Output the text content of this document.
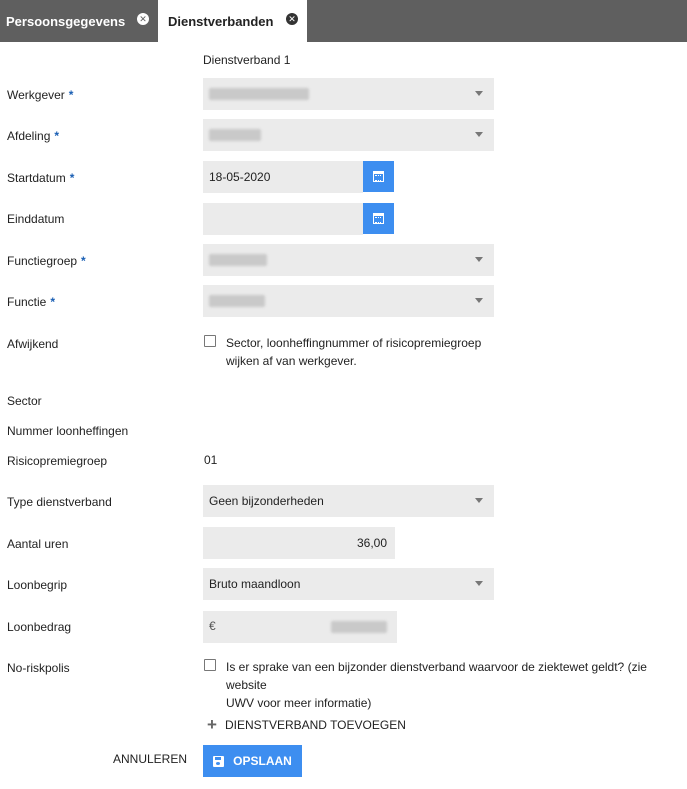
Persoonsgegevens ✕ Dienstverbanden ✕
Dienstverband 1
Werkgever *
Afdeling *
Startdatum *	18-05-2020
Einddatum
Functiegroep *
Functie *
Afwijkend	Sector, loonheffingnummer of risicopremiegroep
wijken af van werkgever.
Sector
Nummer loonheffingen
Risicopremiegroep	01
Type dienstverband	Geen bijzonderheden
Aantal uren	36,00
Loonbegrip	Bruto maandloon
Loonbedrag	€
No-riskpolis	Is er sprake van een bijzonder dienstverband waarvoor de ziektewet geldt? (zie website
UWV voor meer informatie)
+ DIENSTVERBAND TOEVOEGEN
ANNULEREN	OPSLAAN
